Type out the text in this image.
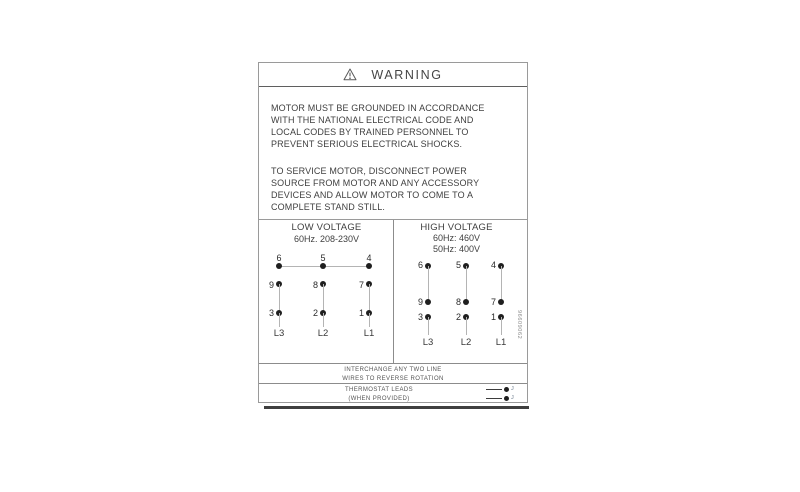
WARNING
MOTOR MUST BE GROUNDED IN ACCORDANCE
WITH THE NATIONAL ELECTRICAL CODE AND
LOCAL CODES BY TRAINED PERSONNEL TO
PREVENT SERIOUS ELECTRICAL SHOCKS.
TO SERVICE MOTOR, DISCONNECT POWER
SOURCE FROM MOTOR AND ANY ACCESSORY
DEVICES AND ALLOW MOTOR TO COME TO A
COMPLETE STAND STILL.
LOW VOLTAGE
60Hz. 208-230V
6	5	4
9	8	7
3	2	1
L3	L2	L1
HIGH VOLTAGE
60Hz: 460V
50Hz: 400V
6	5	4
9	8	7
3	2	1
L3	L2	L1
96609062
INTERCHANGE ANY TWO LINE
WIRES TO REVERSE ROTATION
THERMOSTAT LEADS
(WHEN PROVIDED)
J
J
